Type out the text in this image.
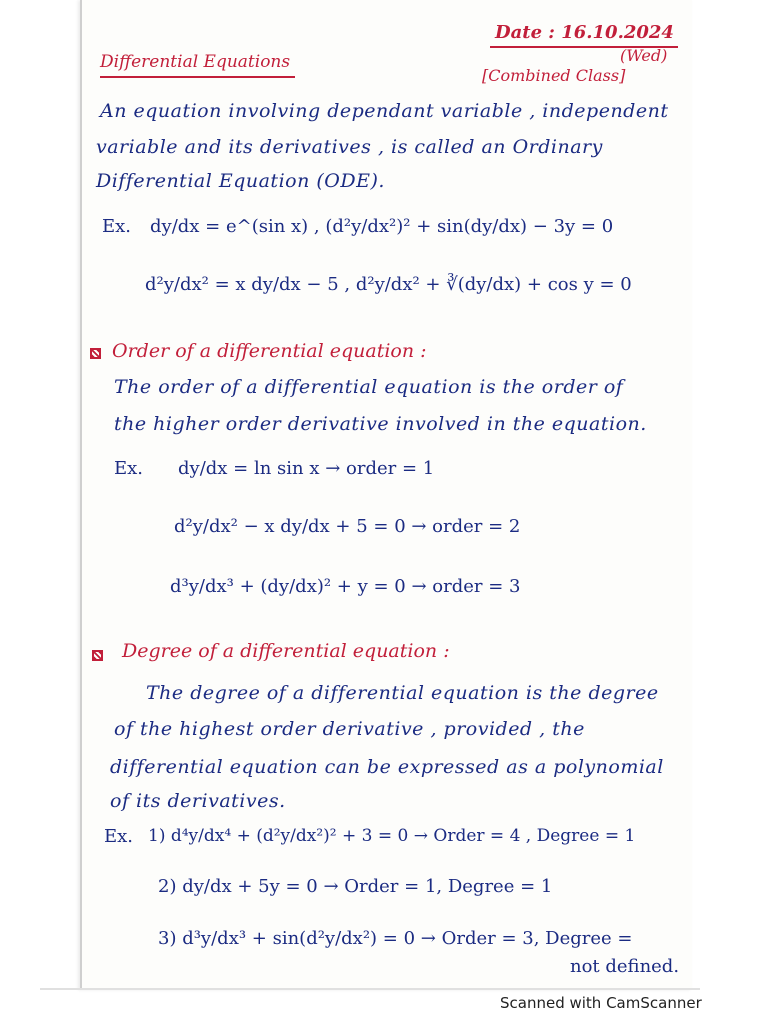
Date : 16.10.2024
(Wed)
[Combined Class]
Differential Equations
An equation involving dependant variable , independent
variable and its derivatives , is called an Ordinary
Differential Equation (ODE).
Ex. dy/dx = e^(sin x) , (d²y/dx²)² + sin(dy/dx) − 3y = 0
d²y/dx² = x dy/dx − 5 , d²y/dx² + ∛(dy/dx) + cos y = 0
Order of a differential equation :
The order of a differential equation is the order of
the higher order derivative involved in the equation.
Ex. dy/dx = ln sin x → order = 1
d²y/dx² − x dy/dx + 5 = 0 → order = 2
d³y/dx³ + (dy/dx)² + y = 0 → order = 3
Degree of a differential equation :
The degree of a differential equation is the degree
of the highest order derivative , provided , the
differential equation can be expressed as a polynomial
of its derivatives.
Ex. 1) d⁴y/dx⁴ + (d²y/dx²)² + 3 = 0 → Order = 4 , Degree = 1
2) dy/dx + 5y = 0 → Order = 1, Degree = 1
3) d³y/dx³ + sin(d²y/dx²) = 0 → Order = 3, Degree =
not defined.
Scanned with CamScanner
